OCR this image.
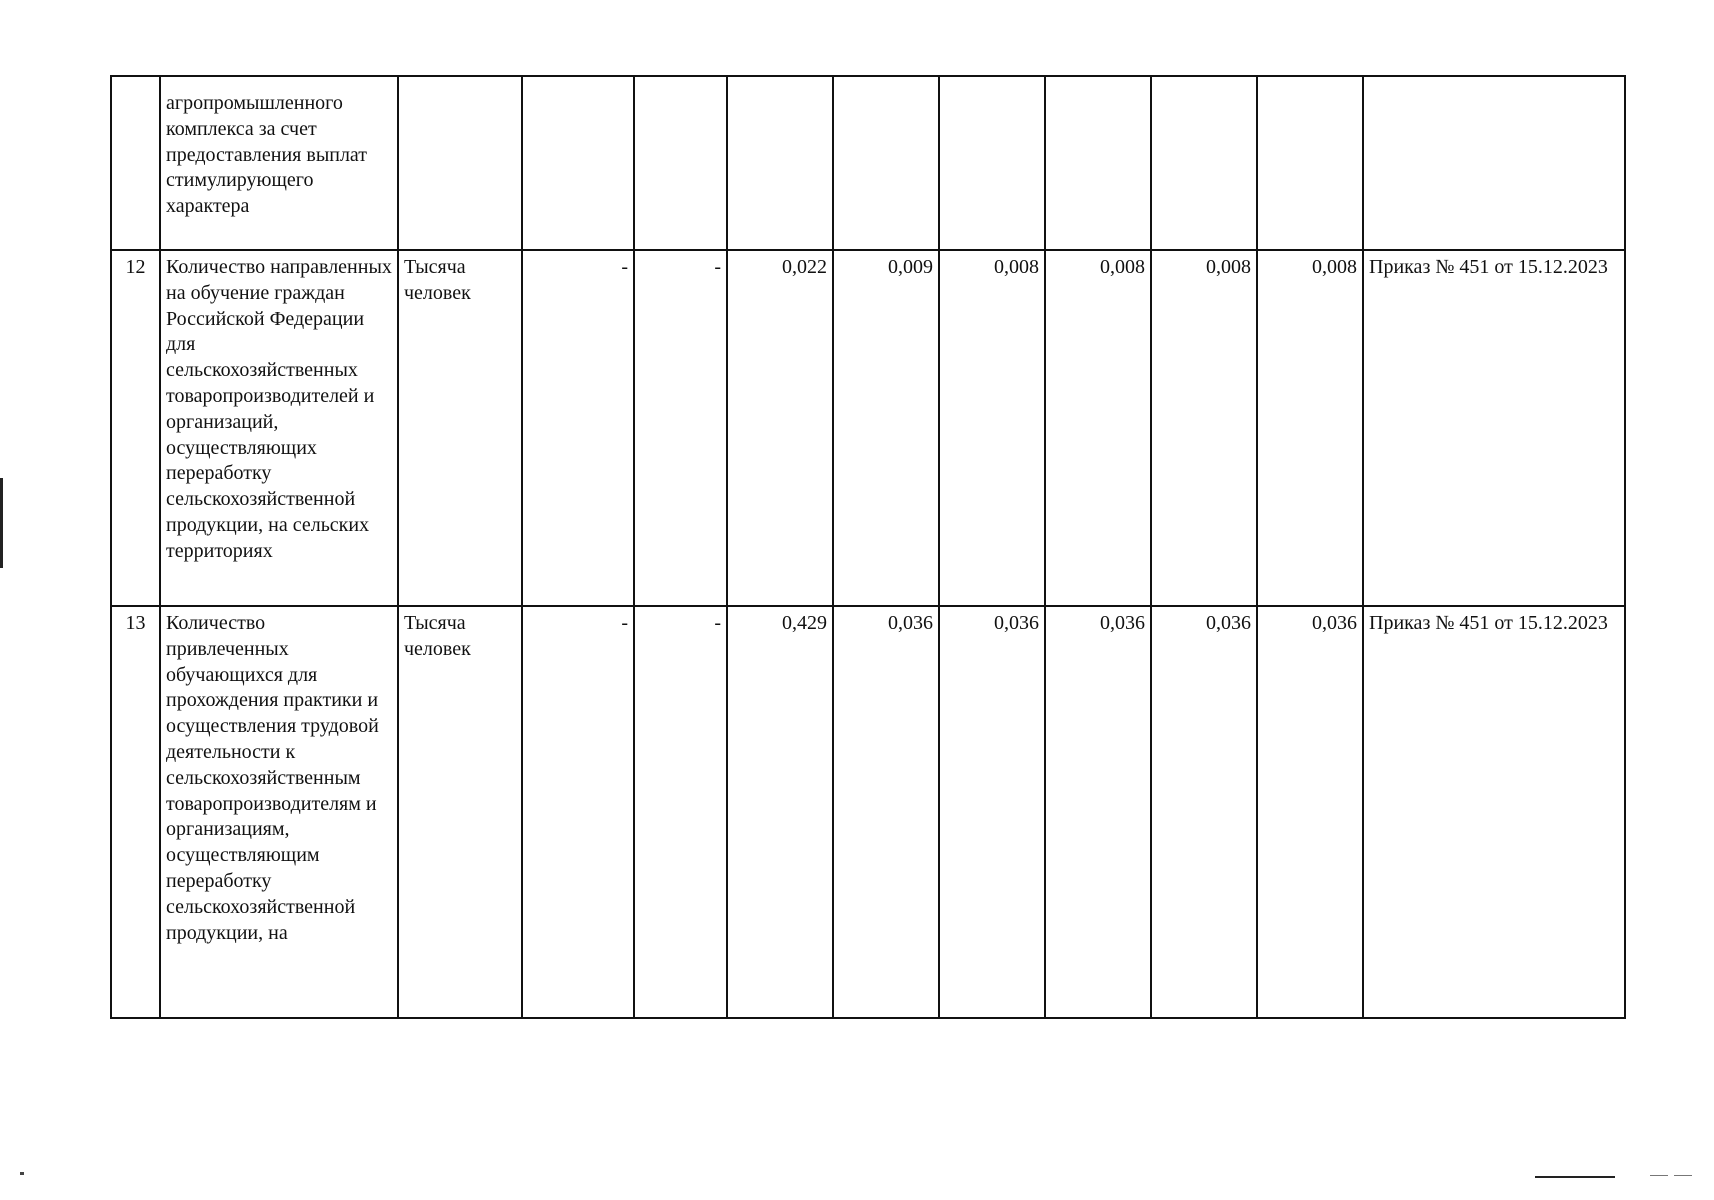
	агропромышленного комплекса за счет предоставления выплат стимулирующего характера										
12	Количество направленных на обучение граждан Российской Федерации для сельскохозяйственных товаропроизводителей и организаций, осуществляющих переработку сельскохозяйственной продукции, на сельских территориях	Тысяча человек	-	-	0,022	0,009	0,008	0,008	0,008	0,008	Приказ № 451 от 15.12.2023
13	Количество привлеченных обучающихся для прохождения практики и осуществления трудовой деятельности к сельскохозяйственным товаропроизводителям и организациям, осуществляющим переработку сельскохозяйственной продукции, на	Тысяча человек	-	-	0,429	0,036	0,036	0,036	0,036	0,036	Приказ № 451 от 15.12.2023
